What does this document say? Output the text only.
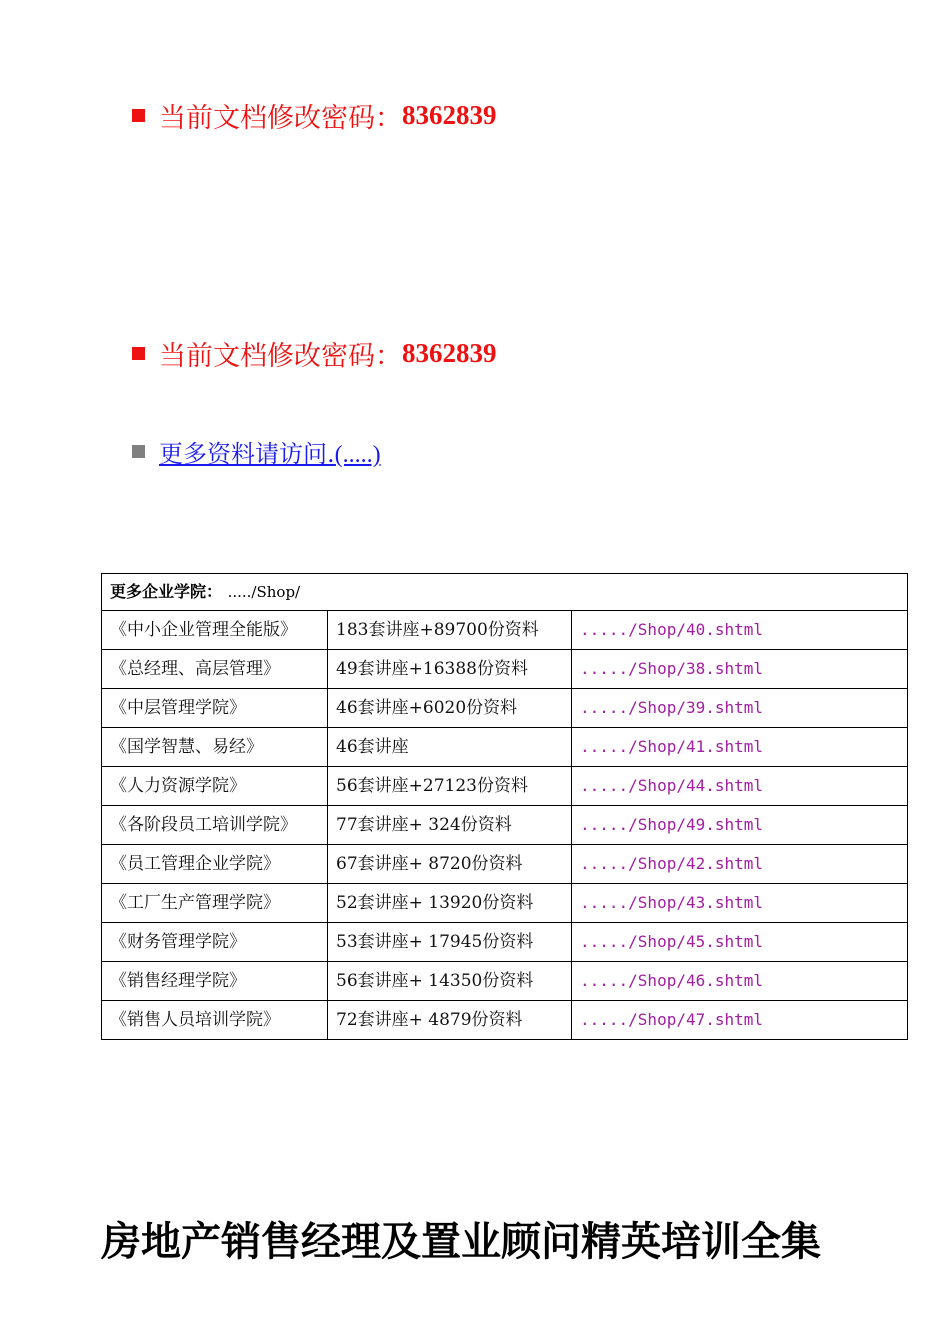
当前文档修改密码： 8362839
当前文档修改密码： 8362839
更多资料请访问.(.....)
更多企业学院： ...../Shop/		
《中小企业管理全能版》	183套讲座+89700份资料	...../Shop/40.shtml
《总经理、高层管理》	49套讲座+16388份资料	...../Shop/38.shtml
《中层管理学院》	46套讲座+6020份资料	...../Shop/39.shtml
《国学智慧、易经》	46套讲座	...../Shop/41.shtml
《人力资源学院》	56套讲座+27123份资料	...../Shop/44.shtml
《各阶段员工培训学院》	77套讲座+ 324份资料	...../Shop/49.shtml
《员工管理企业学院》	67套讲座+ 8720份资料	...../Shop/42.shtml
《工厂生产管理学院》	52套讲座+ 13920份资料	...../Shop/43.shtml
《财务管理学院》	53套讲座+ 17945份资料	...../Shop/45.shtml
《销售经理学院》	56套讲座+ 14350份资料	...../Shop/46.shtml
《销售人员培训学院》	72套讲座+ 4879份资料	...../Shop/47.shtml
房地产销售经理及置业顾问精英培训全集
